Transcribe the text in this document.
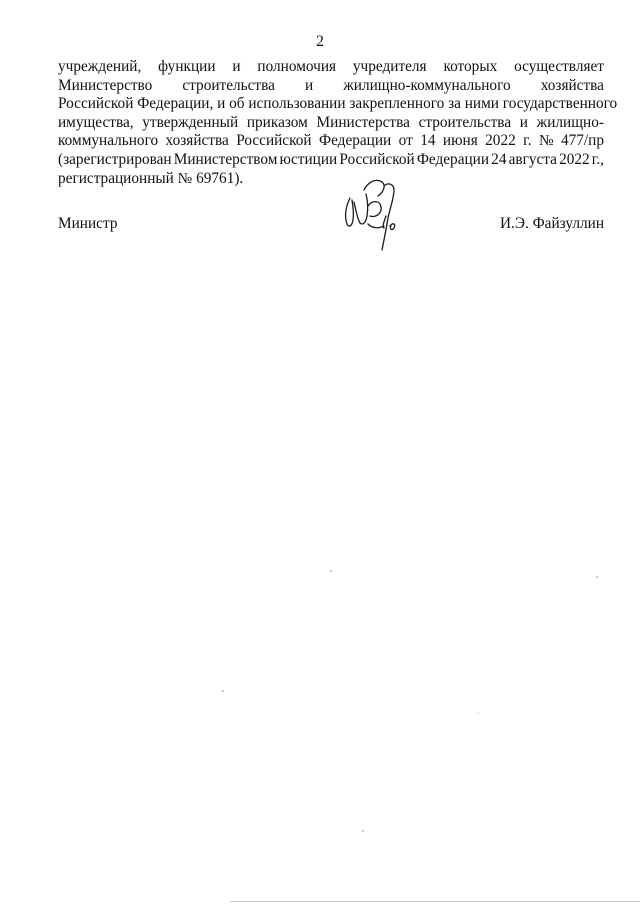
2
учреждений, функции и полномочия учредителя которых осуществляет
Министерство строительства и жилищно-коммунального хозяйства
Российской Федерации, и об использовании закрепленного за ними государственного
имущества, утвержденный приказом Министерства строительства и жилищно-
коммунального хозяйства Российской Федерации от 14 июня 2022 г. № 477/пр
(зарегистрирован Министерством юстиции Российской Федерации 24 августа 2022 г.,
регистрационный № 69761).
Министр	И.Э. Файзуллин
